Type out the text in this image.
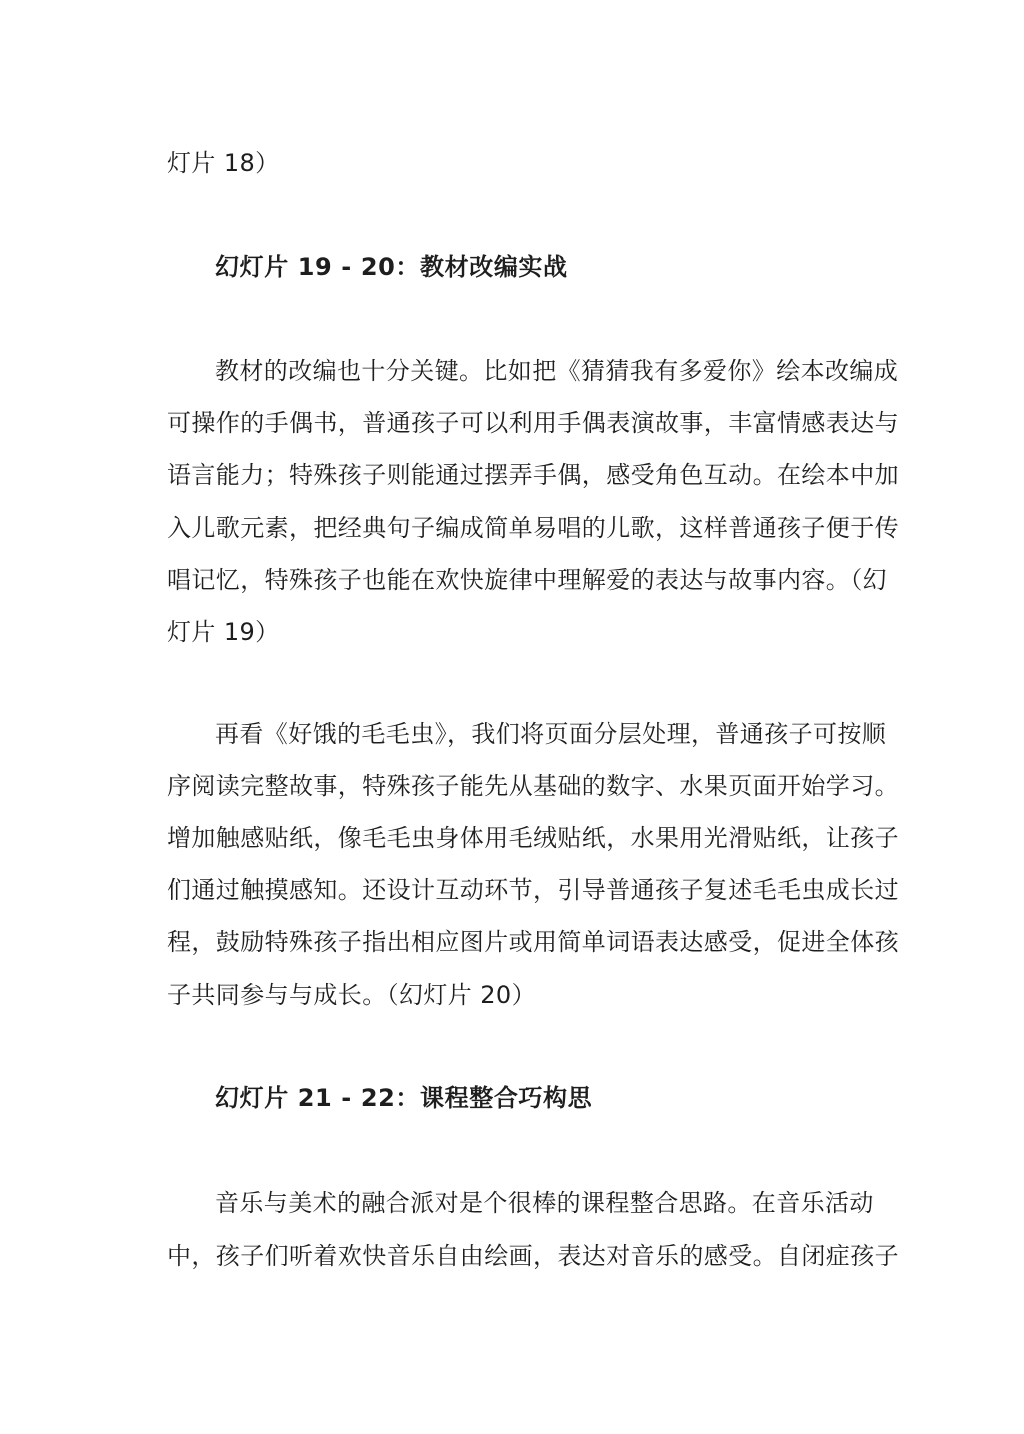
灯片 18）

幻灯片 19 - 20：教材改编实战

教材的改编也十分关键。比如把《猜猜我有多爱你》绘本改编成

可操作的手偶书，普通孩子可以利用手偶表演故事，丰富情感表达与

语言能力；特殊孩子则能通过摆弄手偶，感受角色互动。在绘本中加

入儿歌元素，把经典句子编成简单易唱的儿歌，这样普通孩子便于传

唱记忆，特殊孩子也能在欢快旋律中理解爱的表达与故事内容。（幻

灯片 19）

再看《好饿的毛毛虫》，我们将页面分层处理，普通孩子可按顺

序阅读完整故事，特殊孩子能先从基础的数字、水果页面开始学习。

增加触感贴纸，像毛毛虫身体用毛绒贴纸，水果用光滑贴纸，让孩子

们通过触摸感知。还设计互动环节，引导普通孩子复述毛毛虫成长过

程，鼓励特殊孩子指出相应图片或用简单词语表达感受，促进全体孩

子共同参与与成长。（幻灯片 20）

幻灯片 21 - 22：课程整合巧构思

音乐与美术的融合派对是个很棒的课程整合思路。在音乐活动

中，孩子们听着欢快音乐自由绘画，表达对音乐的感受。自闭症孩子
